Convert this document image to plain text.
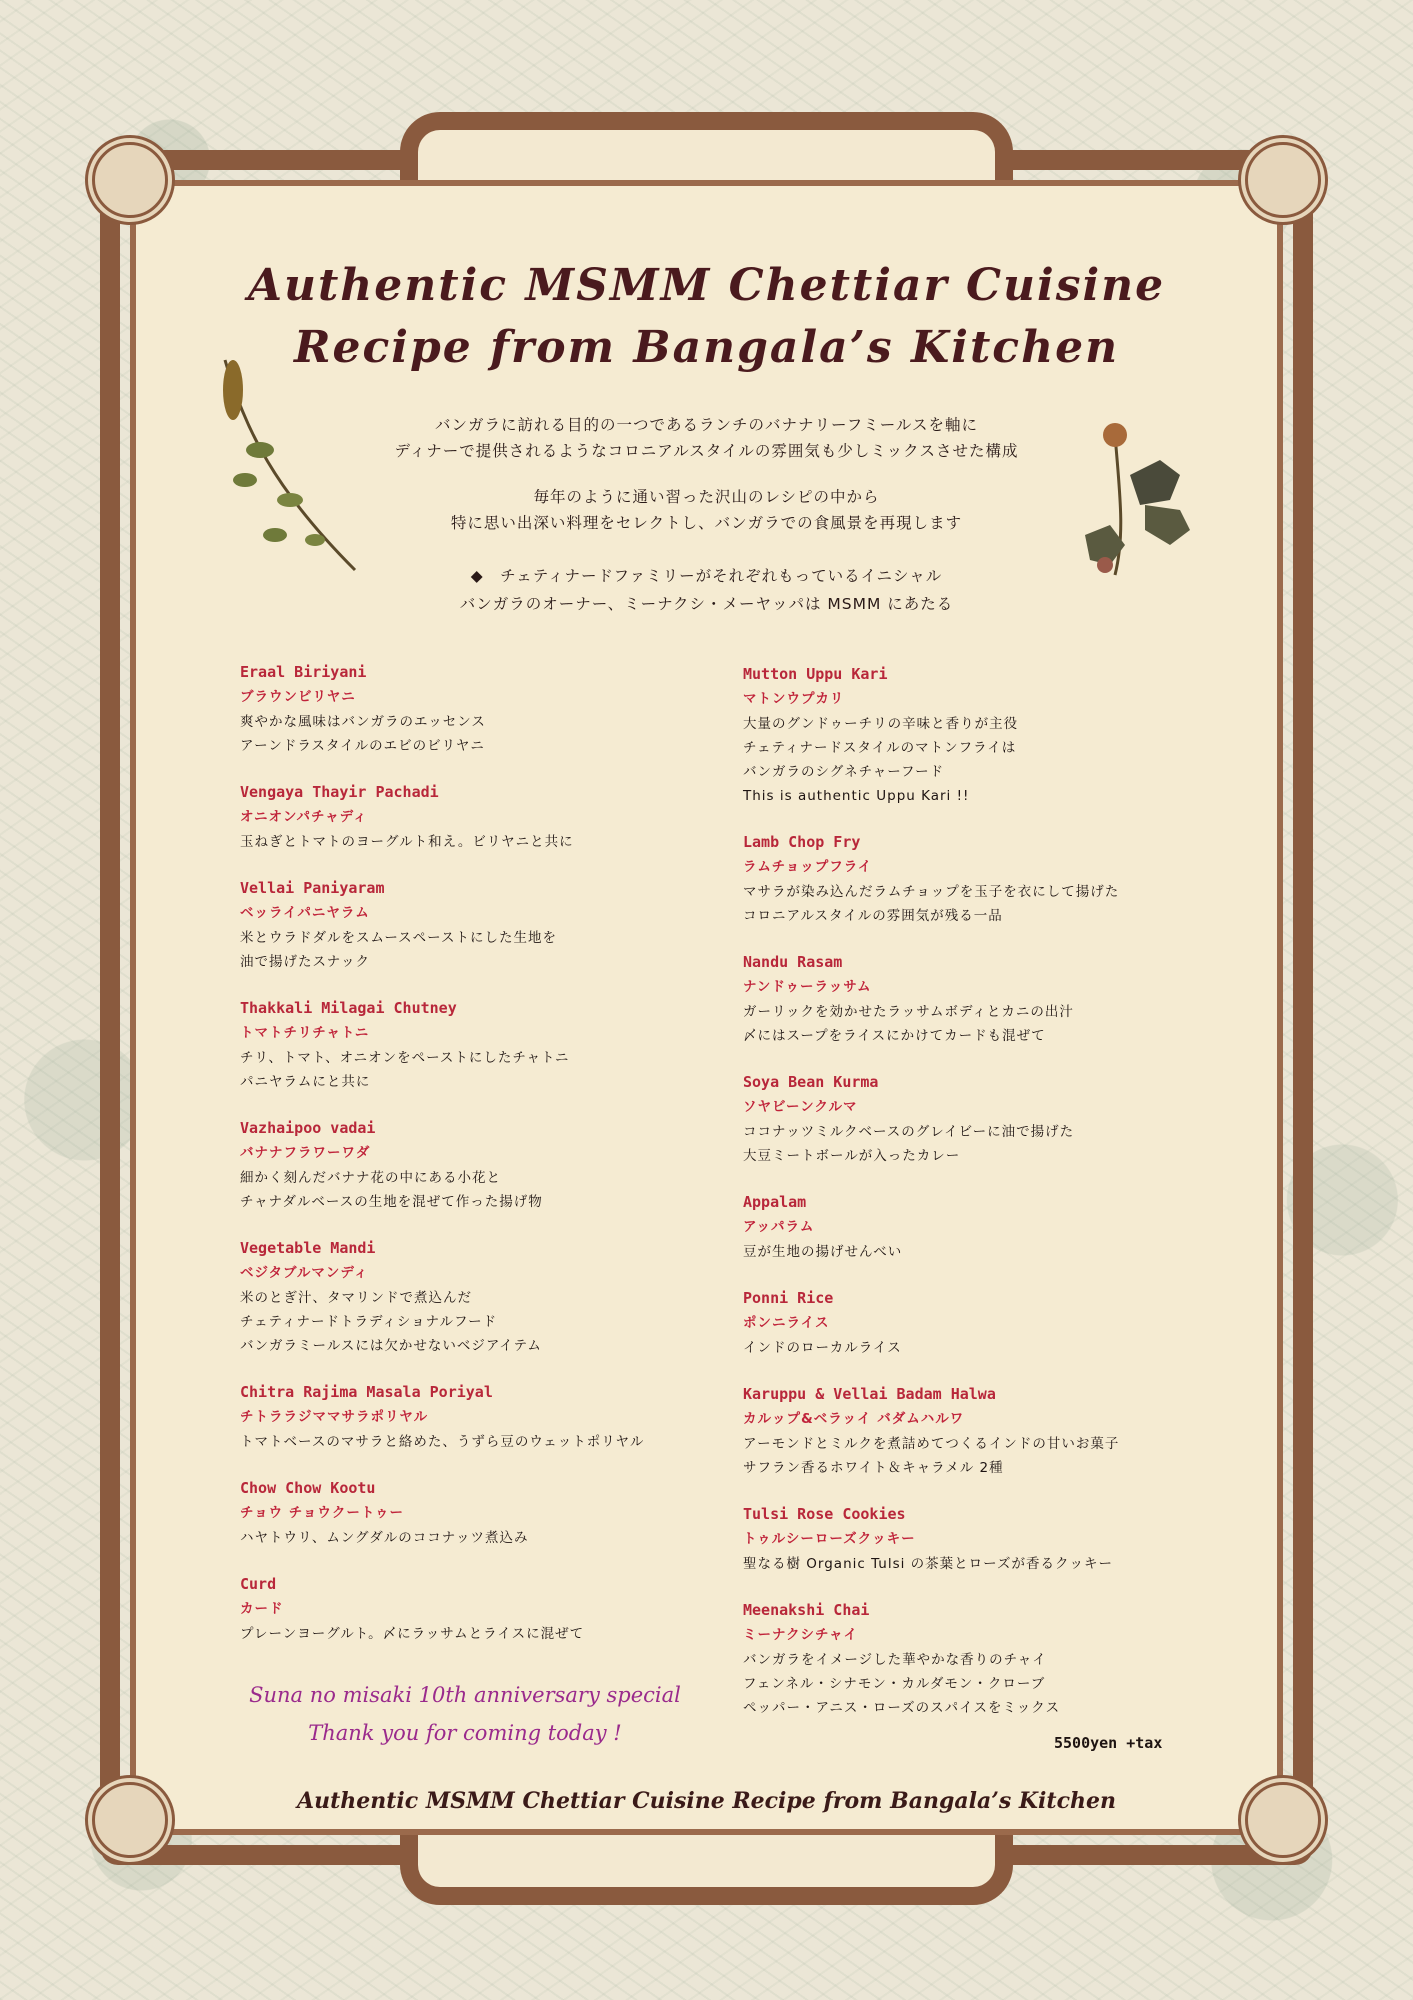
Authentic MSMM Chettiar Cuisine
Recipe from Bangala’s Kitchen
バンガラに訪れる目的の一つであるランチのバナナリーフミールスを軸に
ディナーで提供されるようなコロニアルスタイルの雰囲気も少しミックスさせた構成
毎年のように通い習った沢山のレシピの中から
特に思い出深い料理をセレクトし、バンガラでの食風景を再現します
◆　チェティナードファミリーがそれぞれもっているイニシャル
バンガラのオーナー、ミーナクシ・メーヤッパは MSMM にあたる
Eraal Biriyani
ブラウンビリヤニ
爽やかな風味はバンガラのエッセンス
アーンドラスタイルのエビのビリヤニ
Vengaya Thayir Pachadi
オニオンパチャディ
玉ねぎとトマトのヨーグルト和え。ビリヤニと共に
Vellai Paniyaram
ベッライパニヤラム
米とウラドダルをスムースペーストにした生地を
油で揚げたスナック
Thakkali Milagai Chutney
トマトチリチャトニ
チリ、トマト、オニオンをペーストにしたチャトニ
パニヤラムにと共に
Vazhaipoo vadai
バナナフラワーワダ
細かく刻んだバナナ花の中にある小花と
チャナダルベースの生地を混ぜて作った揚げ物
Vegetable Mandi
ベジタブルマンディ
米のとぎ汁、タマリンドで煮込んだ
チェティナードトラディショナルフード
バンガラミールスには欠かせないベジアイテム
Chitra Rajima Masala Poriyal
チトララジママサラポリヤル
トマトベースのマサラと絡めた、うずら豆のウェットポリヤル
Chow Chow Kootu
チョウ チョウクートゥー
ハヤトウリ、ムングダルのココナッツ煮込み
Curd
カード
プレーンヨーグルト。〆にラッサムとライスに混ぜて
Mutton Uppu Kari
マトンウプカリ
大量のグンドゥーチリの辛味と香りが主役
チェティナードスタイルのマトンフライは
バンガラのシグネチャーフード
This is authentic Uppu Kari !!
Lamb Chop Fry
ラムチョップフライ
マサラが染み込んだラムチョップを玉子を衣にして揚げた
コロニアルスタイルの雰囲気が残る一品
Nandu Rasam
ナンドゥーラッサム
ガーリックを効かせたラッサムボディとカニの出汁
〆にはスープをライスにかけてカードも混ぜて
Soya Bean Kurma
ソヤビーンクルマ
ココナッツミルクベースのグレイビーに油で揚げた
大豆ミートボールが入ったカレー
Appalam
アッパラム
豆が生地の揚げせんべい
Ponni Rice
ポンニライス
インドのローカルライス
Karuppu & Vellai Badam Halwa
カルップ&ベラッイ バダムハルワ
アーモンドとミルクを煮詰めてつくるインドの甘いお菓子
サフラン香るホワイト＆キャラメル 2種
Tulsi Rose Cookies
トゥルシーローズクッキー
聖なる樹 Organic Tulsi の茶葉とローズが香るクッキー
Meenakshi Chai
ミーナクシチャイ
バンガラをイメージした華やかな香りのチャイ
フェンネル・シナモン・カルダモン・クローブ
ペッパー・アニス・ローズのスパイスをミックス
Suna no misaki 10th anniversary special
Thank you for coming today !	5500yen +tax
Authentic MSMM Chettiar Cuisine Recipe from Bangala’s Kitchen
